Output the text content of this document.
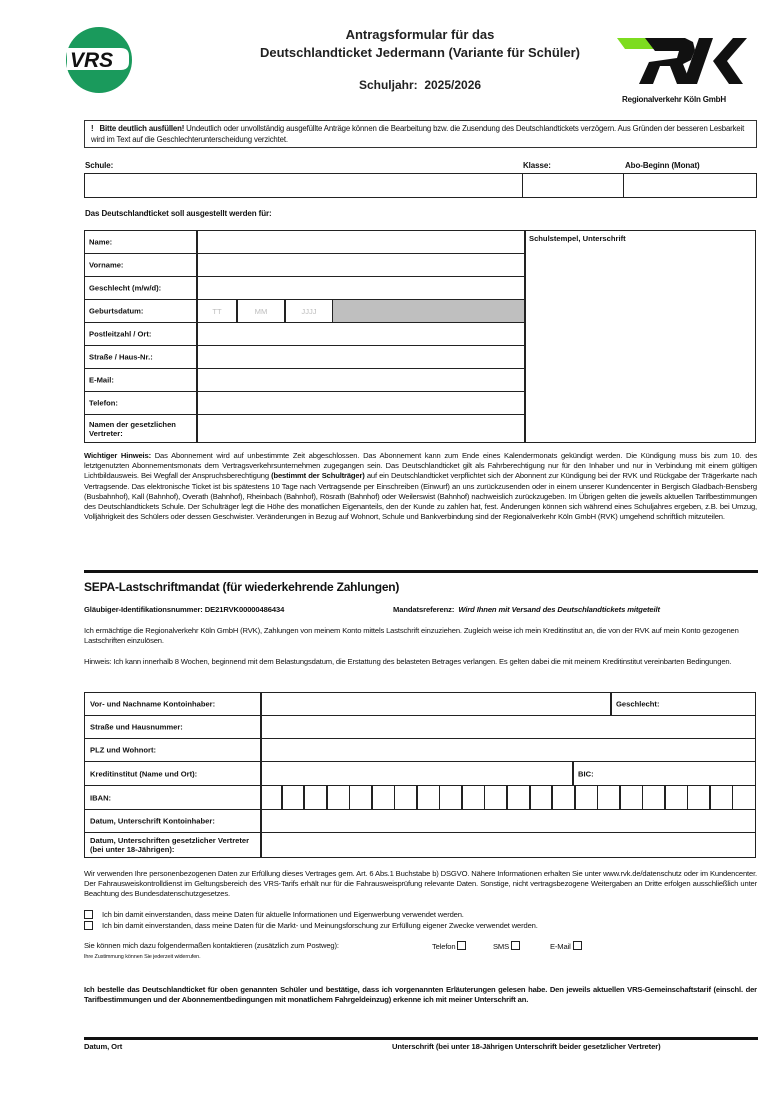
VRS
Antragsformular für das
Deutschlandticket Jedermann (Variante für Schüler)
Schuljahr: 2025/2026
Regionalverkehr Köln GmbH
! Bitte deutlich ausfüllen! Undeutlich oder unvollständig ausgefüllte Anträge können die Bearbeitung bzw. die Zusendung des Deutschlandtickets verzögern. Aus Gründen der besseren Lesbarkeit wird im Text auf die Geschlechterunterscheidung verzichtet.
Schule:	Klasse:	Abo-Beginn (Monat)
Das Deutschlandticket soll ausgestellt werden für:
Name:
Vorname:
Geschlecht (m/w/d):
Geburtsdatum:	TT	MM	JJJJ
Postleitzahl / Ort:
Straße / Haus-Nr.:
E-Mail:
Telefon:
Namen der gesetzlichen Vertreter:
Schulstempel, Unterschrift
Wichtiger Hinweis: Das Abonnement wird auf unbestimmte Zeit abgeschlossen. Das Abonnement kann zum Ende eines Kalendermonats gekündigt werden. Die Kündigung muss bis zum 10. des letztgenutzten Abonnementsmonats dem Vertragsverkehrsunternehmen zugegangen sein. Das Deutschlandticket gilt als Fahrberechtigung nur für den Inhaber und nur in Verbindung mit einem gültigen Lichtbildausweis. Bei Wegfall der Anspruchsberechtigung (bestimmt der Schulträger) auf ein Deutschlandticket verpflichtet sich der Abonnent zur Kündigung bei der RVK und Rückgabe der Trägerkarte nach Vertragsende. Das elektronische Ticket ist bis spätestens 10 Tage nach Vertragsende per Einschreiben (Einwurf) an uns zurückzusenden oder in einem unserer Kundencenter in Bergisch Gladbach-Bensberg (Busbahnhof), Kall (Bahnhof), Overath (Bahnhof), Rheinbach (Bahnhof), Rösrath (Bahnhof) oder Weilerswist (Bahnhof) nachweislich zurückzugeben. Im Übrigen gelten die jeweils aktuellen Tarifbestimmungen des Deutschlandtickets Schule. Der Schulträger legt die Höhe des monatlichen Eigenanteils, den der Kunde zu zahlen hat, fest. Änderungen können sich während eines Schuljahres ergeben, z.B. bei Umzug, Volljährigkeit des Schülers oder dessen Geschwister. Veränderungen in Bezug auf Wohnort, Schule und Bankverbindung sind der Regionalverkehr Köln GmbH (RVK) umgehend schriftlich mitzuteilen.
SEPA-Lastschriftmandat (für wiederkehrende Zahlungen)
Gläubiger-Identifikationsnummer: DE21RVK00000486434	Mandatsreferenz: Wird Ihnen mit Versand des Deutschlandtickets mitgeteilt
Ich ermächtige die Regionalverkehr Köln GmbH (RVK), Zahlungen von meinem Konto mittels Lastschrift einzuziehen. Zugleich weise ich mein Kreditinstitut an, die von der RVK auf mein Konto gezogenen Lastschriften einzulösen.
Hinweis: Ich kann innerhalb 8 Wochen, beginnend mit dem Belastungsdatum, die Erstattung des belasteten Betrages verlangen. Es gelten dabei die mit meinem Kreditinstitut vereinbarten Bedingungen.
Vor- und Nachname Kontoinhaber:	Geschlecht:
Straße und Hausnummer:
PLZ und Wohnort:
Kreditinstitut (Name und Ort):	BIC:
IBAN:
Datum, Unterschrift Kontoinhaber:
Datum, Unterschriften gesetzlicher Vertreter (bei unter 18-Jährigen):
Wir verwenden Ihre personenbezogenen Daten zur Erfüllung dieses Vertrages gem. Art. 6 Abs.1 Buchstabe b) DSGVO. Nähere Informationen erhalten Sie unter www.rvk.de/datenschutz oder im Kundencenter. Der Fahrausweiskontrolldienst im Geltungsbereich des VRS-Tarifs erhält nur für die Fahrausweisprüfung relevante Daten. Sonstige, nicht vertragsbezogene Weitergaben an Dritte erfolgen ausschließlich unter Beachtung des Bundesdatenschutzgesetzes.
Ich bin damit einverstanden, dass meine Daten für aktuelle Informationen und Eigenwerbung verwendet werden.
Ich bin damit einverstanden, dass meine Daten für die Markt- und Meinungsforschung zur Erfüllung eigener Zwecke verwendet werden.
Sie können mich dazu folgendermaßen kontaktieren (zusätzlich zum Postweg):	Telefon	SMS	E-Mail
Ihre Zustimmung können Sie jederzeit widerrufen.
Ich bestelle das Deutschlandticket für oben genannten Schüler und bestätige, dass ich vorgenannten Erläuterungen gelesen habe. Den jeweils aktuellen VRS-Gemeinschaftstarif (einschl. der Tarifbestimmungen und der Abonnementbedingungen mit monatlichem Fahrgeldeinzug) erkenne ich mit meiner Unterschrift an.
Datum, Ort	Unterschrift (bei unter 18-Jährigen Unterschrift beider gesetzlicher Vertreter)
